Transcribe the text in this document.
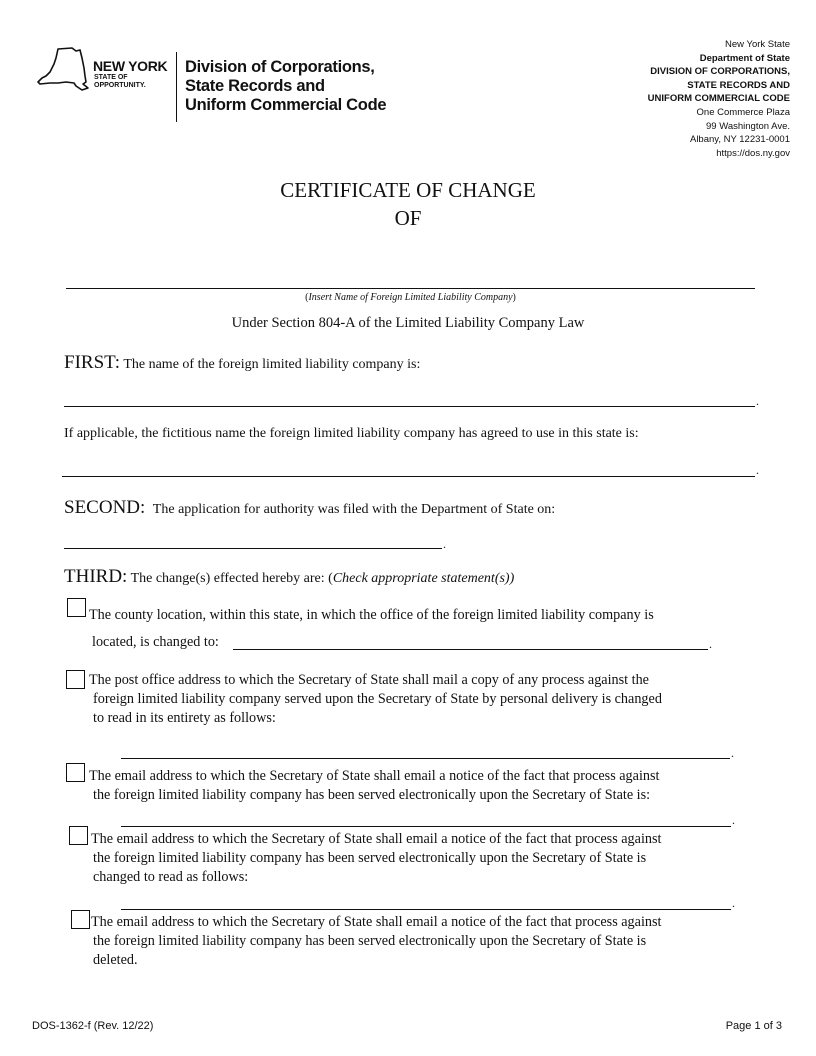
NEW YORK
STATE OF
OPPORTUNITY.
Division of Corporations,
State Records and
Uniform Commercial Code
New York State
Department of State
DIVISION OF CORPORATIONS,
STATE RECORDS AND
UNIFORM COMMERCIAL CODE
One Commerce Plaza
99 Washington Ave.
Albany, NY 12231-0001
https://dos.ny.gov
CERTIFICATE OF CHANGE
OF
(Insert Name of Foreign Limited Liability Company)
Under Section 804-A of the Limited Liability Company Law
FIRST: The name of the foreign limited liability company is:
.
If applicable, the fictitious name the foreign limited liability company has agreed to use in this state is:
.
SECOND: The application for authority was filed with the Department of State on:
.
THIRD: The change(s) effected hereby are: (Check appropriate statement(s))
The county location, within this state, in which the office of the foreign limited liability company is
located, is changed to:	.
The post office address to which the Secretary of State shall mail a copy of any process against the
foreign limited liability company served upon the Secretary of State by personal delivery is changed
to read in its entirety as follows:
.
The email address to which the Secretary of State shall email a notice of the fact that process against
the foreign limited liability company has been served electronically upon the Secretary of State is:
.
The email address to which the Secretary of State shall email a notice of the fact that process against
the foreign limited liability company has been served electronically upon the Secretary of State is
changed to read as follows:
.
The email address to which the Secretary of State shall email a notice of the fact that process against
the foreign limited liability company has been served electronically upon the Secretary of State is
deleted.
DOS-1362-f (Rev. 12/22)	Page 1 of 3
